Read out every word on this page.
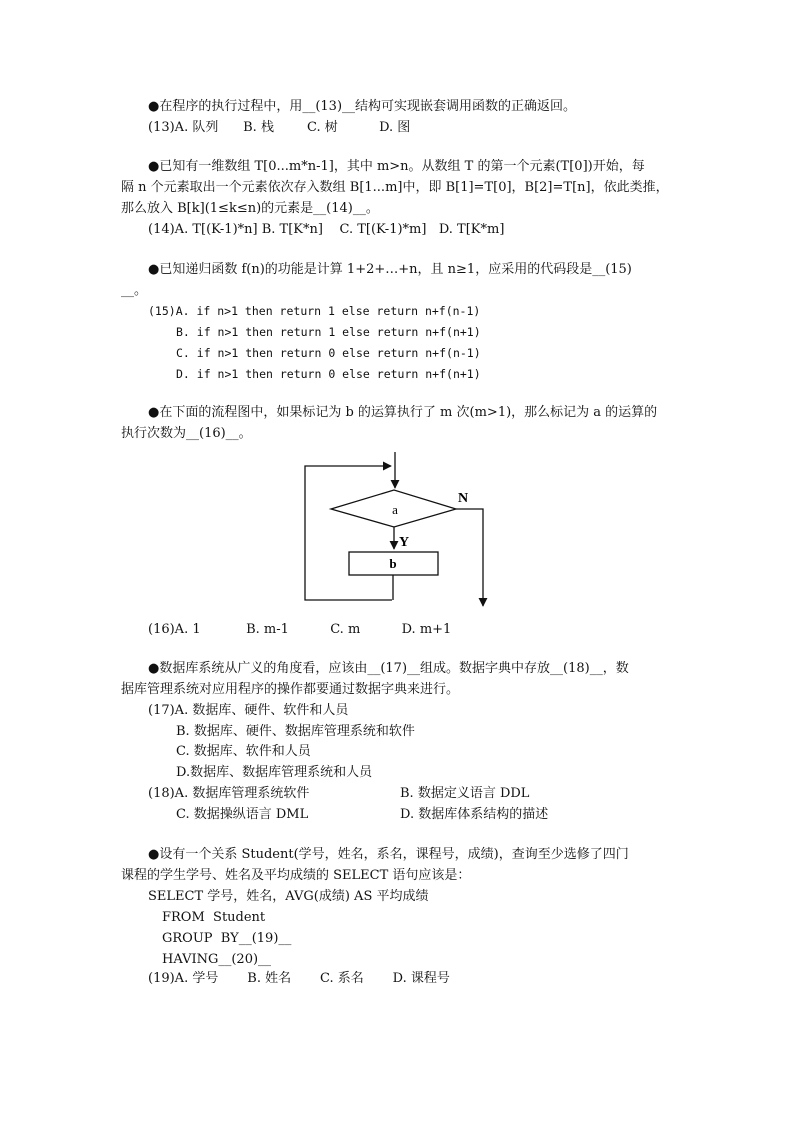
●在程序的执行过程中，用__(13)__结构可实现嵌套调用函数的正确返回。
(13)A. 队列      B. 栈        C. 树          D. 图
●已知有一维数组 T[0...m*n-1]，其中 m>n。从数组 T 的第一个元素(T[0])开始，每
隔 n 个元素取出一个元素依次存入数组 B[1...m]中，即 B[1]=T[0]，B[2]=T[n]，依此类推，
那么放入 B[k](1≤k≤n)的元素是__(14)__。
(14)A. T[(K-1)*n] B. T[K*n]    C. T[(K-1)*m]   D. T[K*m]
●已知递归函数 f(n)的功能是计算 1+2+…+n，且 n≥1，应采用的代码段是__(15)
__。
(15)A. if n>1 then return 1 else return n+f(n-1)
B. if n>1 then return 1 else return n+f(n+1)
C. if n>1 then return 0 else return n+f(n-1)
D. if n>1 then return 0 else return n+f(n+1)
●在下面的流程图中，如果标记为 b 的运算执行了 m 次(m>1)，那么标记为 a 的运算的
执行次数为__(16)__。
a
Y
b
N
(16)A. 1           B. m-1          C. m          D. m+1
●数据库系统从广义的角度看，应该由__(17)__组成。数据字典中存放__(18)__，数
据库管理系统对应用程序的操作都要通过数据字典来进行。
(17)A. 数据库、硬件、软件和人员
B. 数据库、硬件、数据库管理系统和软件
C. 数据库、软件和人员
D.数据库、数据库管理系统和人员
(18)A. 数据库管理系统软件	B. 数据定义语言 DDL
C. 数据操纵语言 DML	D. 数据库体系结构的描述
●设有一个关系 Student(学号，姓名，系名，课程号，成绩)，查询至少选修了四门
课程的学生学号、姓名及平均成绩的 SELECT 语句应该是：
SELECT 学号，姓名，AVG(成绩) AS 平均成绩
FROM  Student
GROUP  BY__(19)__
HAVING__(20)__
(19)A. 学号       B. 姓名       C. 系名       D. 课程号
